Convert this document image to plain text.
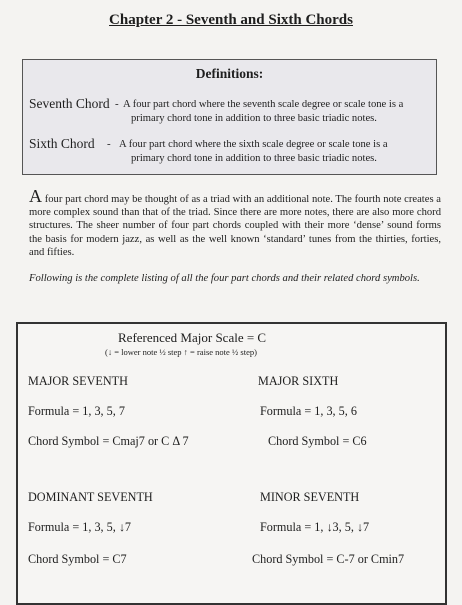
Chapter 2 - Seventh and Sixth Chords
Definitions:
Seventh Chord - A four part chord where the seventh scale degree or scale tone is a
primary chord tone in addition to three basic triadic notes.
Sixth Chord - A four part chord where the sixth scale degree or scale tone is a
primary chord tone in addition to three basic triadic notes.
A four part chord may be thought of as a triad with an additional note. The fourth note creates a more complex sound than that of the triad. Since there are more notes, there are also more chord structures. The sheer number of four part chords coupled with their more ‘dense’ sound forms the basis for modern jazz, as well as the well known ‘standard’ tunes from the thirties, forties, and fifties.
Following is the complete listing of all the four part chords and their related chord symbols.
Referenced Major Scale = C
(↓ = lower note ½ step ↑ = raise note ½ step)
MAJOR SEVENTH
Formula = 1, 3, 5, 7
Chord Symbol = Cmaj7 or C Δ 7
MAJOR SIXTH
Formula = 1, 3, 5, 6
Chord Symbol = C6
DOMINANT SEVENTH
Formula = 1, 3, 5, ↓7
Chord Symbol = C7
MINOR SEVENTH
Formula = 1, ↓3, 5, ↓7
Chord Symbol = C-7 or Cmin7
